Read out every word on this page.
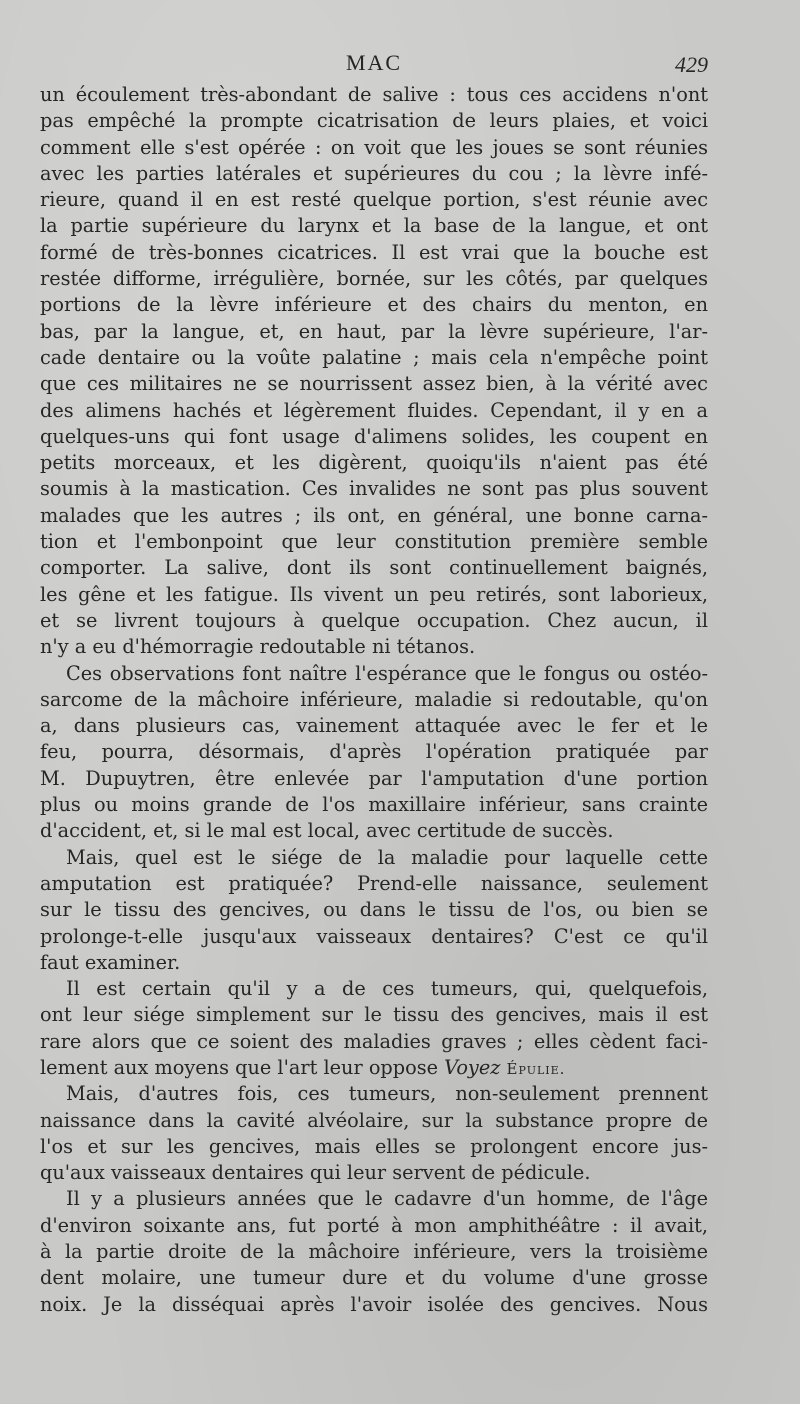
MAC	429
un écoulement très-abondant de salive : tous ces accidens n'ont
pas empêché la prompte cicatrisation de leurs plaies, et voici
comment elle s'est opérée : on voit que les joues se sont réunies
avec les parties latérales et supérieures du cou ; la lèvre infé-
rieure, quand il en est resté quelque portion, s'est réunie avec
la partie supérieure du larynx et la base de la langue, et ont
formé de très-bonnes cicatrices. Il est vrai que la bouche est
restée difforme, irrégulière, bornée, sur les côtés, par quelques
portions de la lèvre inférieure et des chairs du menton, en
bas, par la langue, et, en haut, par la lèvre supérieure, l'ar-
cade dentaire ou la voûte palatine ; mais cela n'empêche point
que ces militaires ne se nourrissent assez bien, à la vérité avec
des alimens hachés et légèrement fluides. Cependant, il y en a
quelques-uns qui font usage d'alimens solides, les coupent en
petits morceaux, et les digèrent, quoiqu'ils n'aient pas été
soumis à la mastication. Ces invalides ne sont pas plus souvent
malades que les autres ; ils ont, en général, une bonne carna-
tion et l'embonpoint que leur constitution première semble
comporter. La salive, dont ils sont continuellement baignés,
les gêne et les fatigue. Ils vivent un peu retirés, sont laborieux,
et se livrent toujours à quelque occupation. Chez aucun, il
n'y a eu d'hémorragie redoutable ni tétanos.
Ces observations font naître l'espérance que le fongus ou ostéo-
sarcome de la mâchoire inférieure, maladie si redoutable, qu'on
a, dans plusieurs cas, vainement attaquée avec le fer et le
feu, pourra, désormais, d'après l'opération pratiquée par
M. Dupuytren, être enlevée par l'amputation d'une portion
plus ou moins grande de l'os maxillaire inférieur, sans crainte
d'accident, et, si le mal est local, avec certitude de succès.
Mais, quel est le siége de la maladie pour laquelle cette
amputation est pratiquée? Prend-elle naissance, seulement
sur le tissu des gencives, ou dans le tissu de l'os, ou bien se
prolonge-t-elle jusqu'aux vaisseaux dentaires? C'est ce qu'il
faut examiner.
Il est certain qu'il y a de ces tumeurs, qui, quelquefois,
ont leur siége simplement sur le tissu des gencives, mais il est
rare alors que ce soient des maladies graves ; elles cèdent faci-
lement aux moyens que l'art leur oppose Voyez Épulie.
Mais, d'autres fois, ces tumeurs, non-seulement prennent
naissance dans la cavité alvéolaire, sur la substance propre de
l'os et sur les gencives, mais elles se prolongent encore jus-
qu'aux vaisseaux dentaires qui leur servent de pédicule.
Il y a plusieurs années que le cadavre d'un homme, de l'âge
d'environ soixante ans, fut porté à mon amphithéâtre : il avait,
à la partie droite de la mâchoire inférieure, vers la troisième
dent molaire, une tumeur dure et du volume d'une grosse
noix. Je la disséquai après l'avoir isolée des gencives. Nous
